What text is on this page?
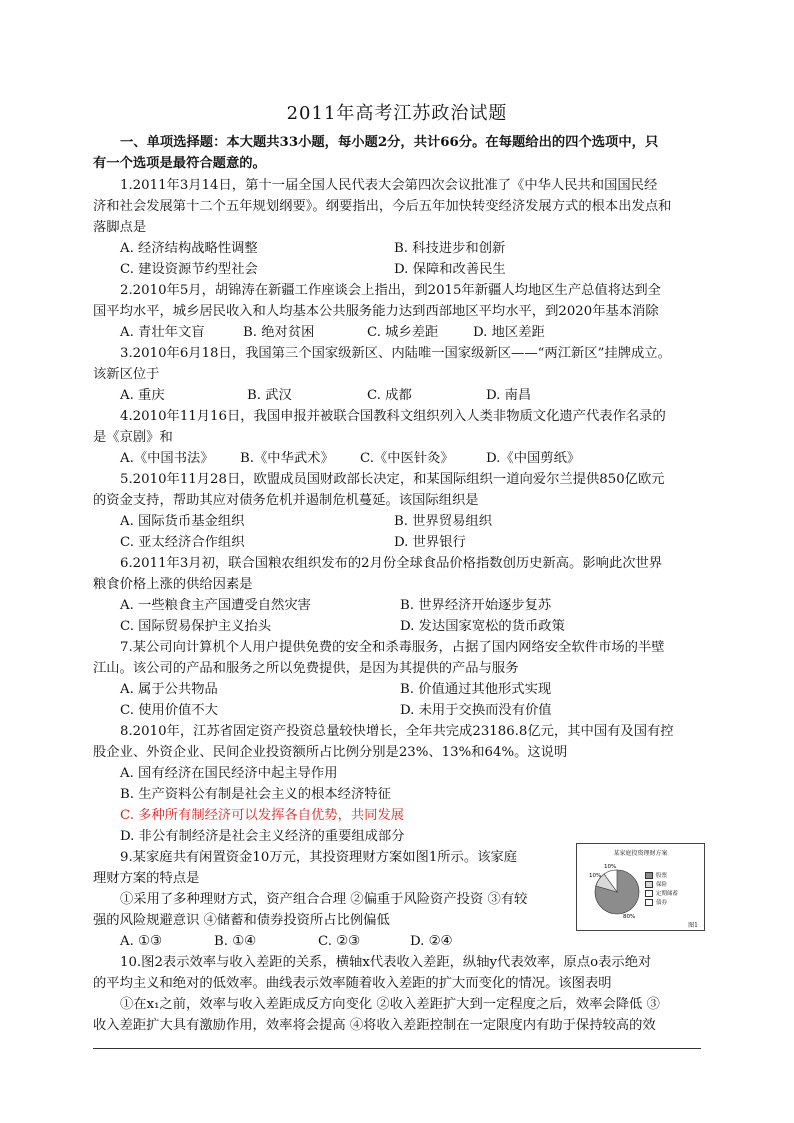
2011年高考江苏政治试题
一、单项选择题：本大题共33小题，每小题2分，共计66分。在每题给出的四个选项中，只
有一个选项是最符合题意的。
1.2011年3月14日，第十一届全国人民代表大会第四次会议批准了《中华人民共和国国民经
济和社会发展第十二个五年规划纲要》。纲要指出，今后五年加快转变经济发展方式的根本出发点和
落脚点是
A. 经济结构战略性调整	B. 科技进步和创新
C. 建设资源节约型社会	D. 保障和改善民生
2.2010年5月，胡锦涛在新疆工作座谈会上指出，到2015年新疆人均地区生产总值将达到全
国平均水平，城乡居民收入和人均基本公共服务能力达到西部地区平均水平，到2020年基本消除
A. 青壮年文盲	B. 绝对贫困	C. 城乡差距	D. 地区差距
3.2010年6月18日，我国第三个国家级新区、内陆唯一国家级新区——“两江新区”挂牌成立。
该新区位于
A. 重庆	B. 武汉	C. 成都	D. 南昌
4.2010年11月16日，我国申报并被联合国教科文组织列入人类非物质文化遗产代表作名录的
是《京剧》和
A.《中国书法》 B.《中华武术》 C.《中医针灸》 D.《中国剪纸》
5.2010年11月28日，欧盟成员国财政部长决定，和某国际组织一道向爱尔兰提供850亿欧元
的资金支持，帮助其应对债务危机并遏制危机蔓延。该国际组织是
A. 国际货币基金组织	B. 世界贸易组织
C. 亚太经济合作组织	D. 世界银行
6.2011年3月初，联合国粮农组织发布的2月份全球食品价格指数创历史新高。影响此次世界
粮食价格上涨的供给因素是
A. 一些粮食主产国遭受自然灾害	B. 世界经济开始逐步复苏
C. 国际贸易保护主义抬头	D. 发达国家宽松的货币政策
7.某公司向计算机个人用户提供免费的安全和杀毒服务，占据了国内网络安全软件市场的半壁
江山。该公司的产品和服务之所以免费提供，是因为其提供的产品与服务
A. 属于公共物品	B. 价值通过其他形式实现
C. 使用价值不大	D. 未用于交换而没有价值
8.2010年，江苏省固定资产投资总量较快增长，全年共完成23186.8亿元，其中国有及国有控
股企业、外资企业、民间企业投资额所占比例分别是23%、13%和64%。这说明
A. 国有经济在国民经济中起主导作用
B. 生产资料公有制是社会主义的根本经济特征
C. 多种所有制经济可以发挥各自优势，共同发展
D. 非公有制经济是社会主义经济的重要组成部分
9.某家庭共有闲置资金10万元，其投资理财方案如图1所示。该家庭
理财方案的特点是
①采用了多种理财方式，资产组合合理 ②偏重于风险资产投资 ③有较
强的风险规避意识 ④储蓄和债券投资所占比例偏低
A. ①③	B. ①④	C. ②③	D. ②④
某家庭投资理财方案
10%
10%
80%
股票
保险
定期储蓄
债券
图1
10.图2表示效率与收入差距的关系，横轴x代表收入差距，纵轴y代表效率，原点o表示绝对
的平均主义和绝对的低效率。曲线表示效率随着收入差距的扩大而变化的情况。该图表明
①在x₁之前，效率与收入差距成反方向变化 ②收入差距扩大到一定程度之后，效率会降低 ③
收入差距扩大具有激励作用，效率将会提高 ④将收入差距控制在一定限度内有助于保持较高的效
